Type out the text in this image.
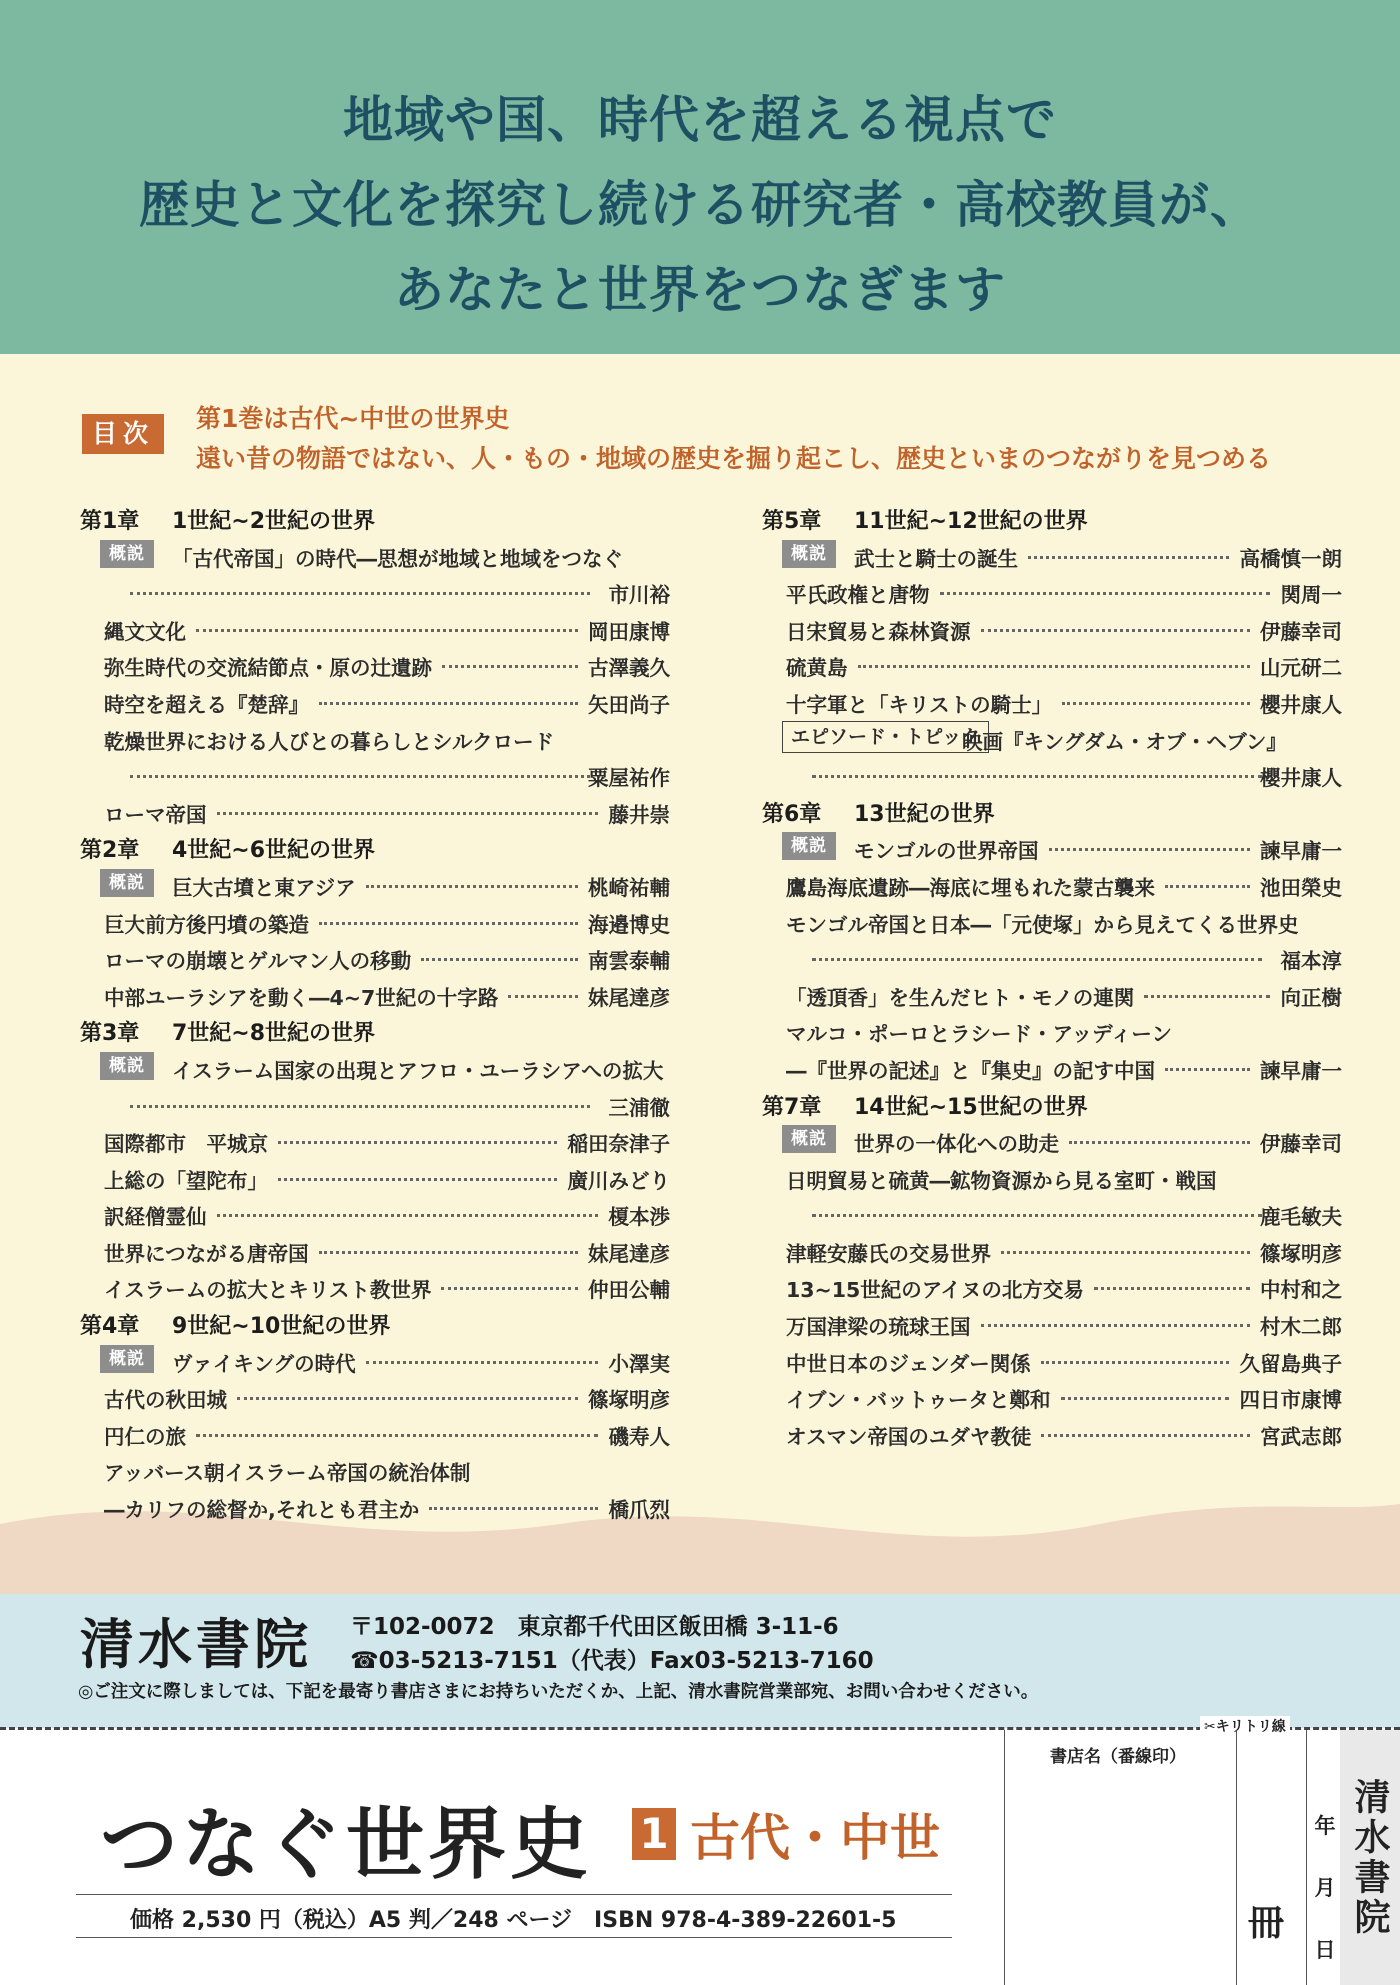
地域や国、時代を超える視点で
歴史と文化を探究し続ける研究者・高校教員が、
あなたと世界をつなぎます
目次
第1巻は古代~中世の世界史
遠い昔の物語ではない、人・もの・地域の歴史を掘り起こし、歴史といまのつながりを見つめる
第1章 1世紀~2世紀の世界
概説	「古代帝国」の時代―思想が地域と地域をつなぐ
市川裕
縄文文化	岡田康博
弥生時代の交流結節点・原の辻遺跡	古澤義久
時空を超える『楚辞』	矢田尚子
乾燥世界における人びとの暮らしとシルクロード
粟屋祐作
ローマ帝国	藤井崇
第2章 4世紀~6世紀の世界
概説	巨大古墳と東アジア	桃崎祐輔
巨大前方後円墳の築造	海邉博史
ローマの崩壊とゲルマン人の移動	南雲泰輔
中部ユーラシアを動く―4~7世紀の十字路	妹尾達彦
第3章 7世紀~8世紀の世界
概説	イスラーム国家の出現とアフロ・ユーラシアへの拡大
三浦徹
国際都市　平城京	稲田奈津子
上総の「望陀布」	廣川みどり
訳経僧霊仙	榎本渉
世界につながる唐帝国	妹尾達彦
イスラームの拡大とキリスト教世界	仲田公輔
第4章 9世紀~10世紀の世界
概説	ヴァイキングの時代	小澤実
古代の秋田城	篠塚明彦
円仁の旅	磯寿人
アッバース朝イスラーム帝国の統治体制
―カリフの総督か,それとも君主か	橋爪烈
第5章 11世紀~12世紀の世界
概説	武士と騎士の誕生	高橋慎一朗
平氏政権と唐物	関周一
日宋貿易と森林資源	伊藤幸司
硫黄島	山元研二
十字軍と「キリストの騎士」	櫻井康人
エピソード・トピック
映画『キングダム・オブ・ヘブン』
櫻井康人
第6章 13世紀の世界
概説	モンゴルの世界帝国	諫早庸一
鷹島海底遺跡―海底に埋もれた蒙古襲来	池田榮史
モンゴル帝国と日本―「元使塚」から見えてくる世界史
福本淳
「透頂香」を生んだヒト・モノの連関	向正樹
マルコ・ポーロとラシード・アッディーン
―『世界の記述』と『集史』の記す中国	諫早庸一
第7章 14世紀~15世紀の世界
概説	世界の一体化への助走	伊藤幸司
日明貿易と硫黄―鉱物資源から見る室町・戦国
鹿毛敏夫
津軽安藤氏の交易世界	篠塚明彦
13~15世紀のアイヌの北方交易	中村和之
万国津梁の琉球王国	村木二郎
中世日本のジェンダー関係	久留島典子
イブン・バットゥータと鄭和	四日市康博
オスマン帝国のユダヤ教徒	宮武志郎
清水書院 〒102-0072　東京都千代田区飯田橋 3-11-6
☎03-5213-7151（代表）Fax03-5213-7160
◎ご注文に際しましては、下記を最寄り書店さまにお持ちいただくか、上記、清水書院営業部宛、お問い合わせください。
✂キリトリ線
つなぐ世界史 1 古代・中世
価格 2,530 円（税込）A5 判／248 ページ　ISBN 978-4-389-22601-5
書店名（番線印）
冊
年
月
日
清水書院
